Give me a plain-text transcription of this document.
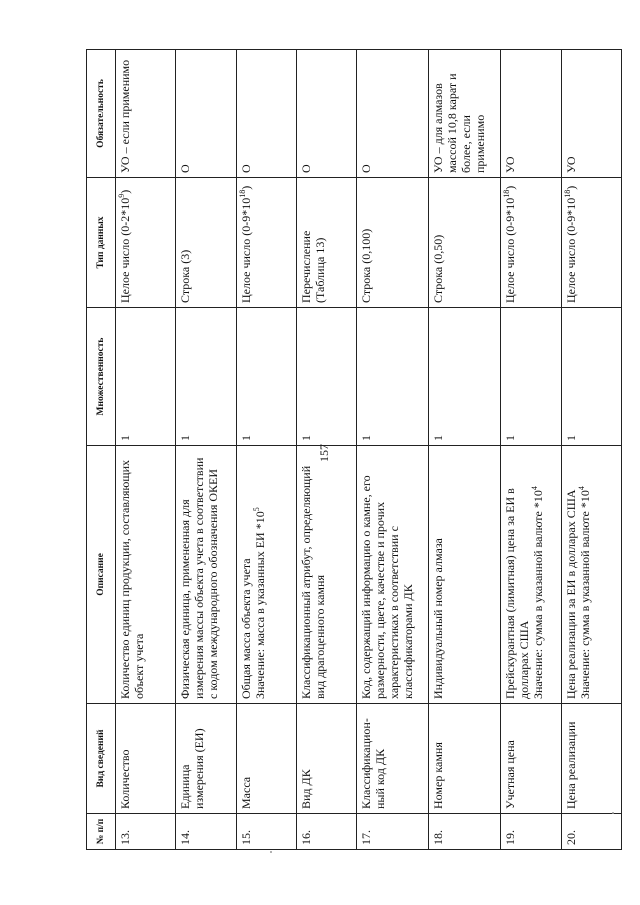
157
№ п/п	Вид сведений	Описание	Множественность	Тип данных	Обязательность
13.	Количество	Количество единиц продукции, составляющих объект учета	1	Целое число $(0-2*10^9)$	УО – если применимо
14.	Единица измерения (ЕИ)	Физическая единица, примененная для измерения массы объекта учета в соответствии с кодом международного обозначения ОКЕИ	1	Строка (3)	О
15.	Масса	Общая масса объекта учета Значение: масса в указанных ЕИ $*10^5$	1	Целое число $(0-9*10^{18})$	О
16.	Вид ДК	Классификационный атрибут, определяющий вид драгоценного камня	1	Перечисление (Таблица 13)	О
17.	Классификацион-ный код ДК	Код, содержащий информацию о камне, его размерности, цвете, качестве и прочих характеристиках в соответствии с классификаторами ДК	1	Строка (0,100)	О
18.	Номер камня	Индивидуальный номер алмаза	1	Строка (0,50)	УО – для алмазов массой 10,8 карат и более, если применимо
19.	Учетная цена	Прейскурантная (лимитная) цена за ЕИ в долларах США Значение: сумма в указанной валюте $*10^4$	1	Целое число $(0-9*10^{18})$	УО
20.	Цена реализации	Цена реализации за ЕИ в долларах США Значение: сумма в указанной валюте $*10^4$	1	Целое число $(0-9*10^{18})$	УО
